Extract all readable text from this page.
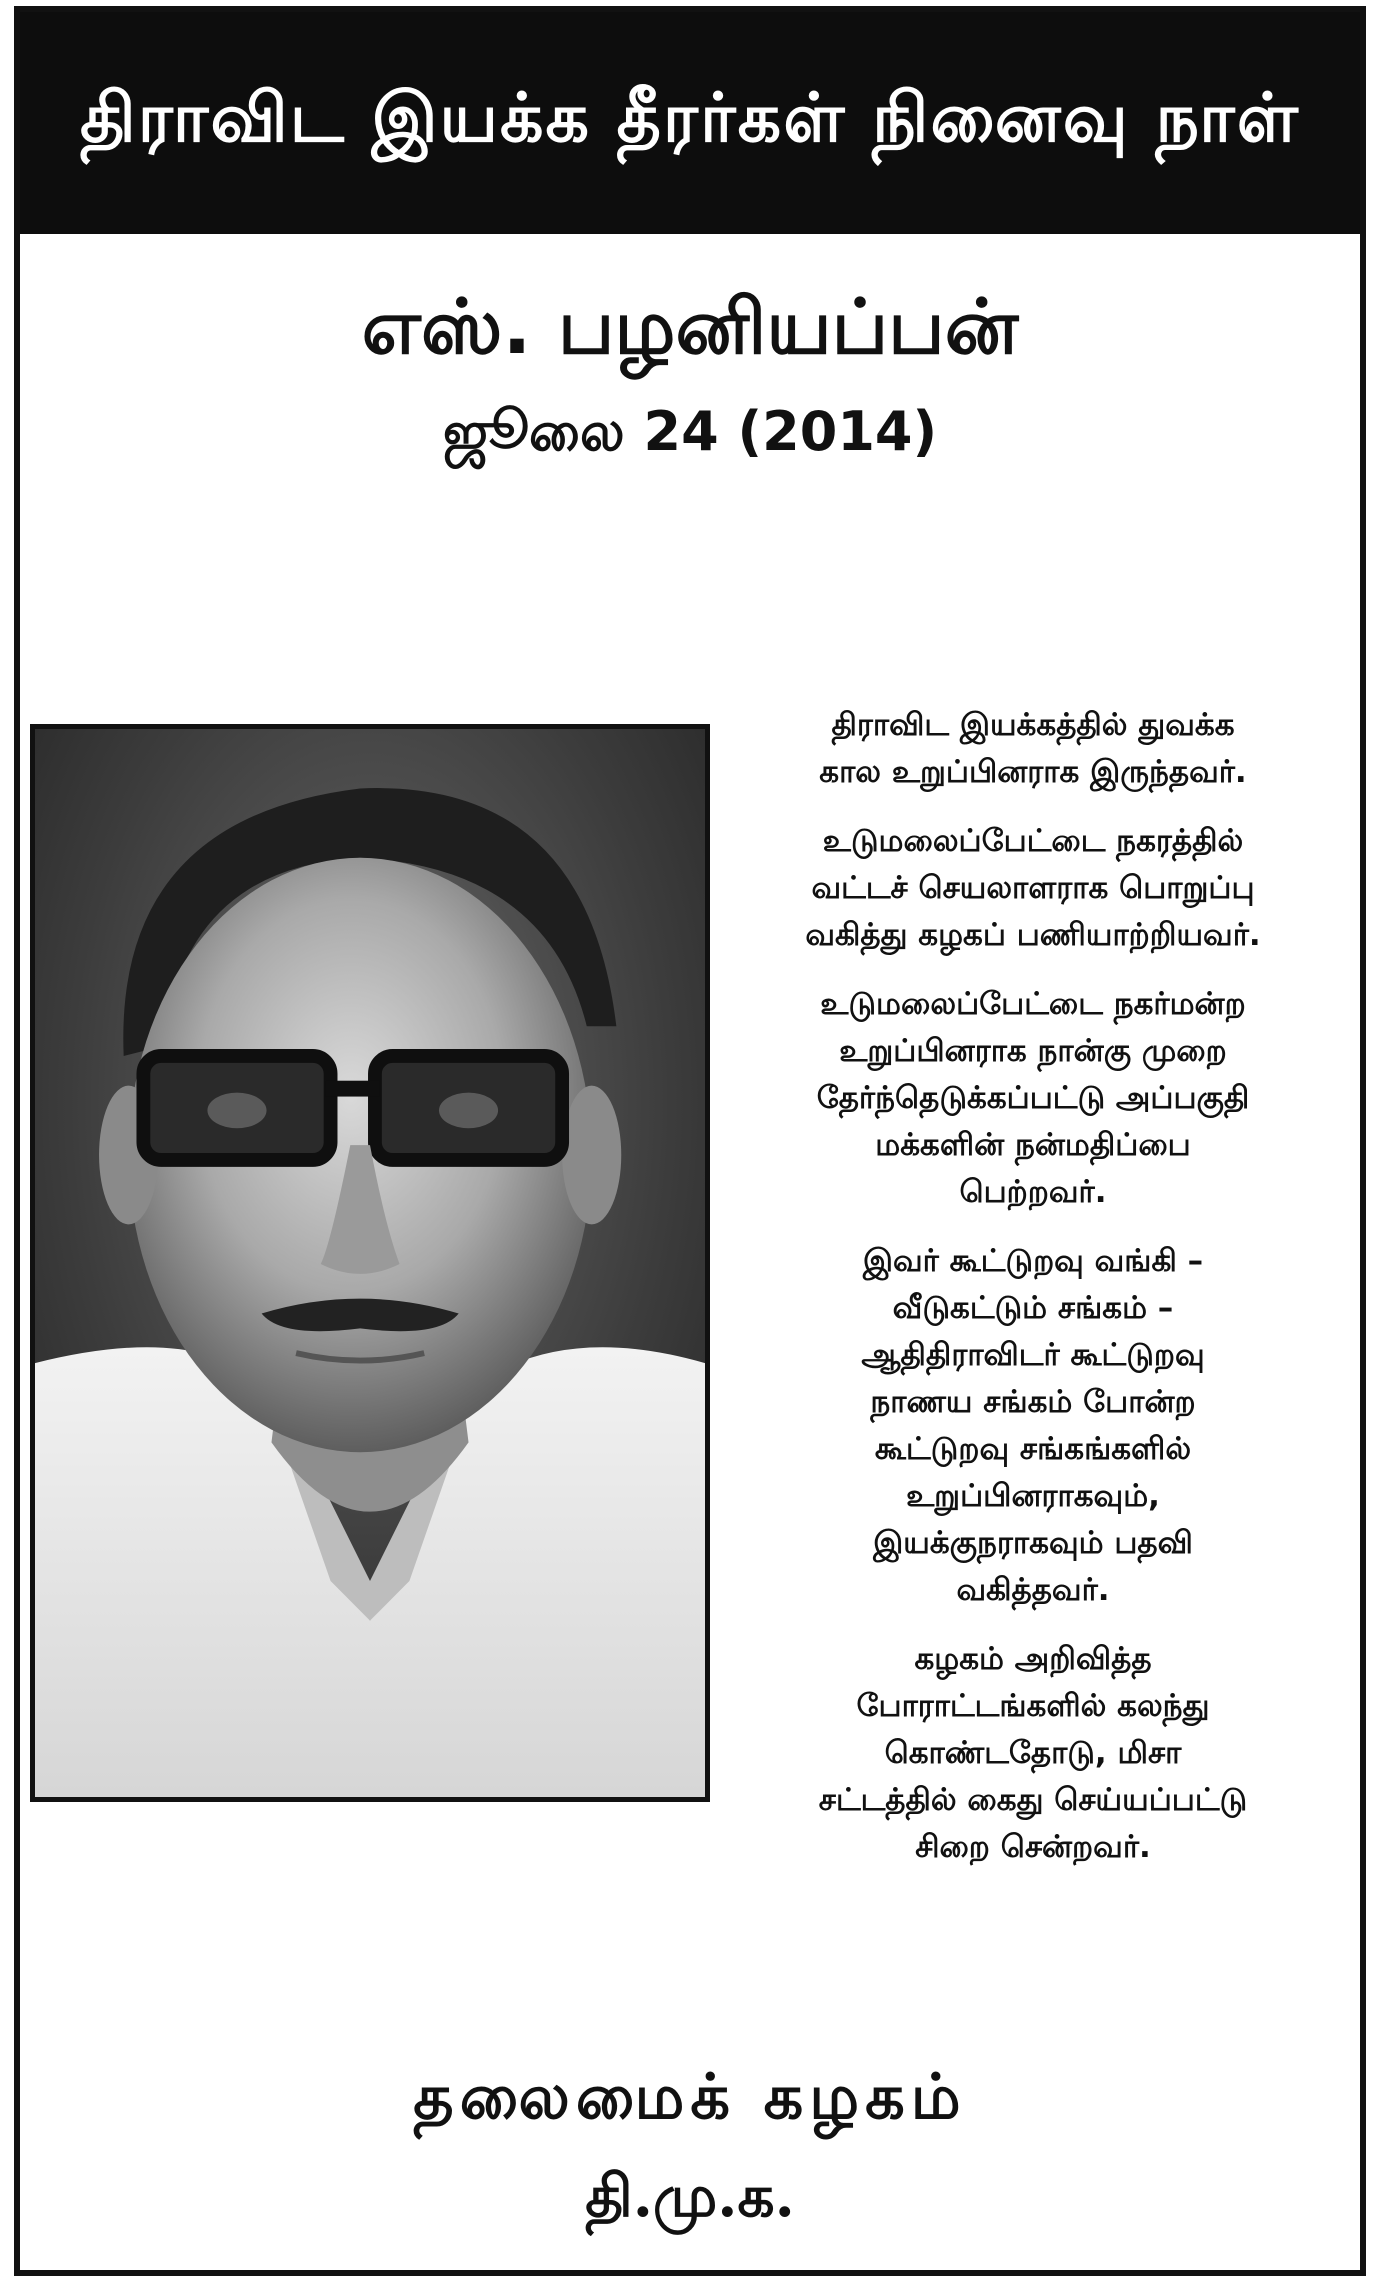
திராவிட இயக்க தீரர்கள் நினைவு நாள்
எஸ். பழனியப்பன்
ஜூலை 24 (2014)

திராவிட இயக்கத்தில் துவக்க
கால உறுப்பினராக இருந்தவர்.

உடுமலைப்பேட்டை நகரத்தில்
வட்டச் செயலாளராக பொறுப்பு
வகித்து கழகப் பணியாற்றியவர்.

உடுமலைப்பேட்டை நகர்மன்ற
உறுப்பினராக நான்கு முறை
தேர்ந்தெடுக்கப்பட்டு அப்பகுதி
மக்களின் நன்மதிப்பை
பெற்றவர்.

இவர் கூட்டுறவு வங்கி –
வீடுகட்டும் சங்கம் –
ஆதிதிராவிடர் கூட்டுறவு
நாணய சங்கம் போன்ற
கூட்டுறவு சங்கங்களில்
உறுப்பினராகவும்,
இயக்குநராகவும் பதவி
வகித்தவர்.

கழகம் அறிவித்த
போராட்டங்களில் கலந்து
கொண்டதோடு, மிசா
சட்டத்தில் கைது செய்யப்பட்டு
சிறை சென்றவர்.

தலைமைக் கழகம்
தி.மு.க.
